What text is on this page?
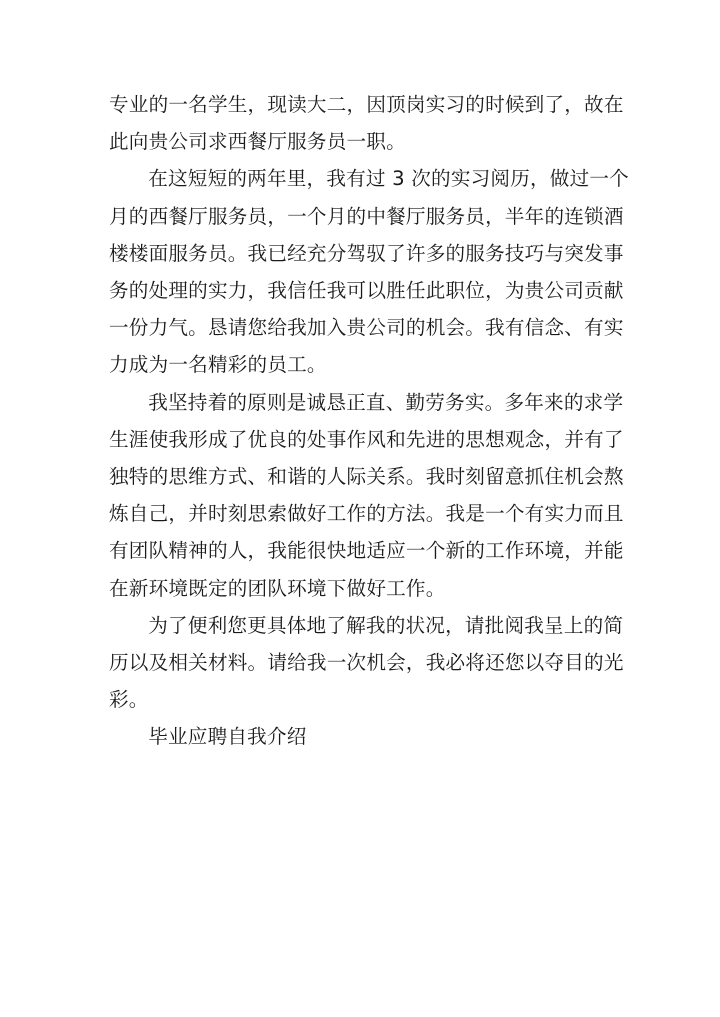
专业的一名学生，现读大二，因顶岗实习的时候到了，故在
此向贵公司求西餐厅服务员一职。

在这短短的两年里，我有过 3 次的实习阅历，做过一个
月的西餐厅服务员，一个月的中餐厅服务员，半年的连锁酒
楼楼面服务员。我已经充分驾驭了许多的服务技巧与突发事
务的处理的实力，我信任我可以胜任此职位，为贵公司贡献
一份力气。恳请您给我加入贵公司的机会。我有信念、有实
力成为一名精彩的员工。

我坚持着的原则是诚恳正直、勤劳务实。多年来的求学
生涯使我形成了优良的处事作风和先进的思想观念，并有了
独特的思维方式、和谐的人际关系。我时刻留意抓住机会熬
炼自己，并时刻思索做好工作的方法。我是一个有实力而且
有团队精神的人，我能很快地适应一个新的工作环境，并能
在新环境既定的团队环境下做好工作。

为了便利您更具体地了解我的状况，请批阅我呈上的简
历以及相关材料。请给我一次机会，我必将还您以夺目的光
彩。

毕业应聘自我介绍
